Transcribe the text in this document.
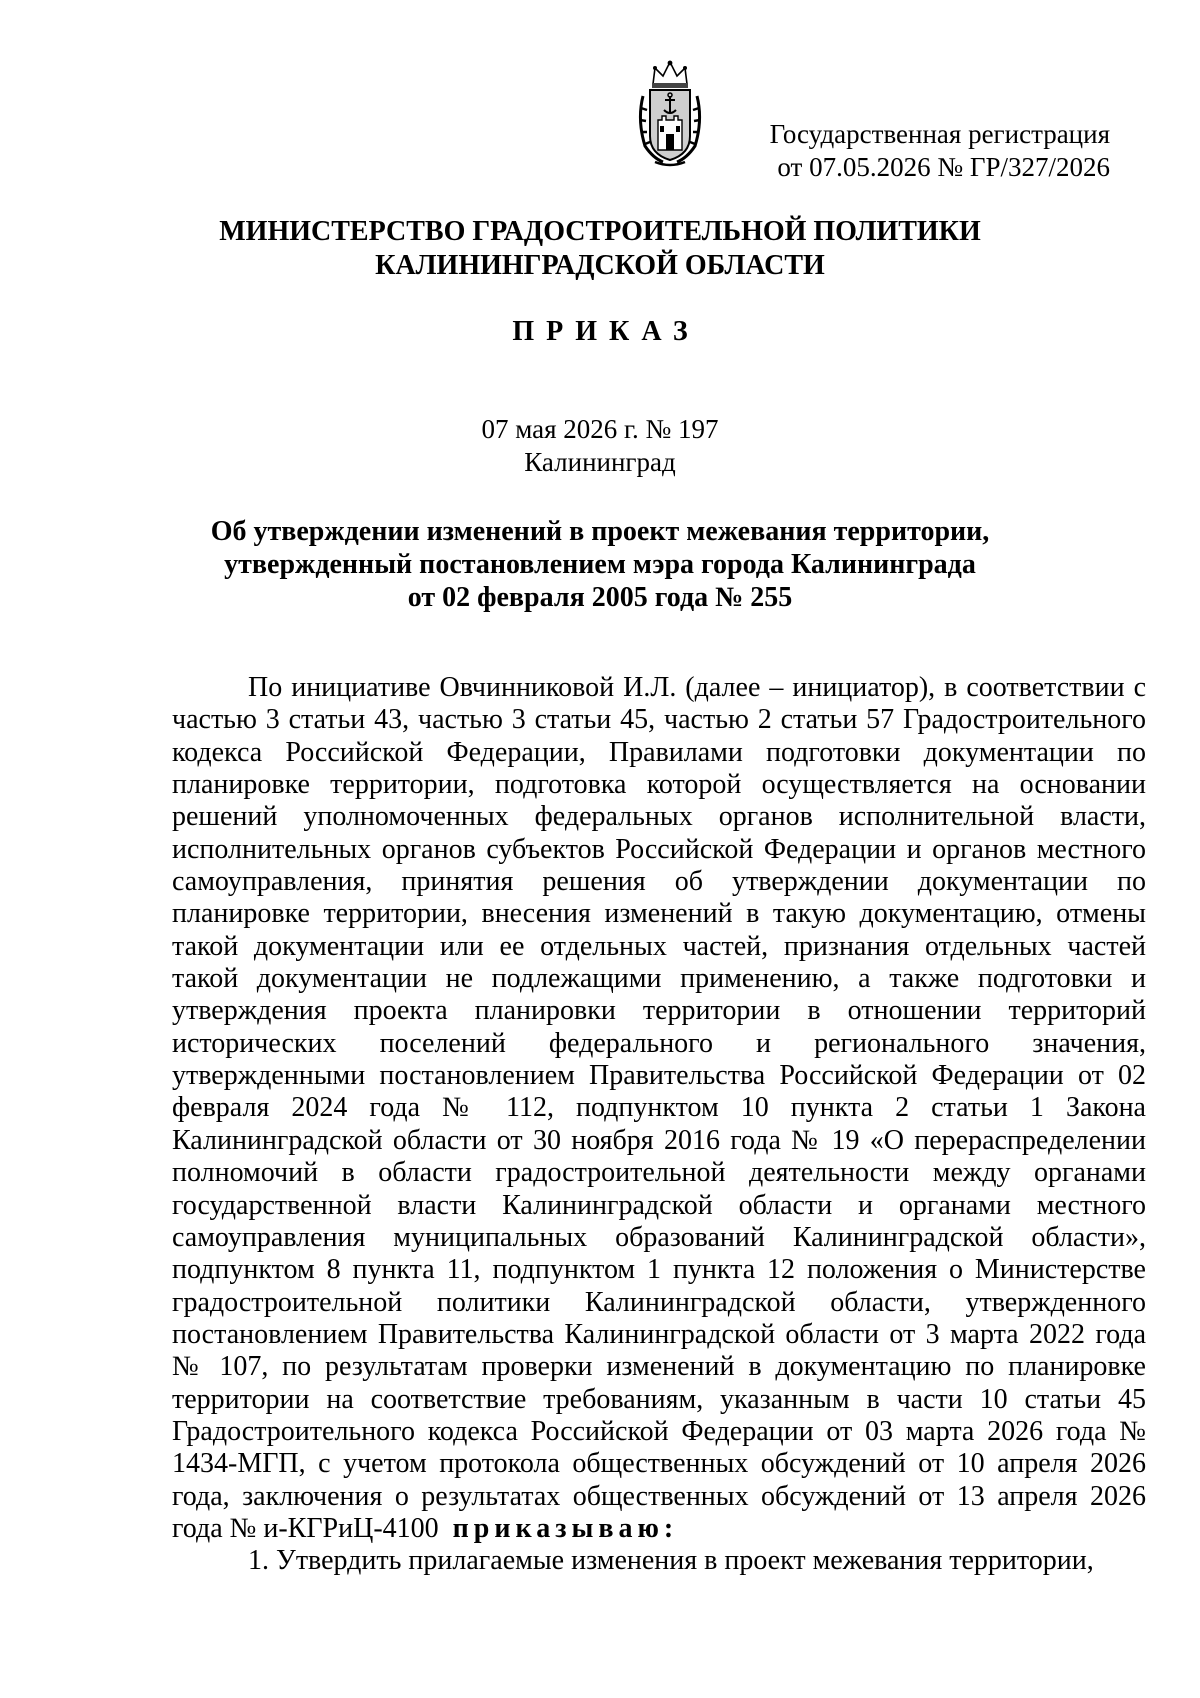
Государственная регистрация
от 07.05.2026 № ГР/327/2026
МИНИСТЕРСТВО ГРАДОСТРОИТЕЛЬНОЙ ПОЛИТИКИ
КАЛИНИНГРАДСКОЙ ОБЛАСТИ
ПРИКАЗ
07 мая 2026 г. № 197
Калининград
Об утверждении изменений в проект межевания территории,
утвержденный постановлением мэра города Калининграда
от 02 февраля 2005 года № 255

По инициативе Овчинниковой И.Л. (далее – инициатор), в соответствии с частью 3 статьи 43, частью 3 статьи 45, частью 2 статьи 57 Градостроительного кодекса Российской Федерации, Правилами подготовки документации по планировке территории, подготовка которой осуществляется на основании решений уполномоченных федеральных органов исполнительной власти, исполнительных органов субъектов Российской Федерации и органов местного самоуправления, принятия решения об утверждении документации по планировке территории, внесения изменений в такую документацию, отмены такой документации или ее отдельных частей, признания отдельных частей такой документации не подлежащими применению, а также подготовки и утверждения проекта планировки территории в отношении территорий исторических поселений федерального и регионального значения, утвержденными постановлением Правительства Российской Федерации от 02 февраля 2024 года № 112, подпунктом 10 пункта 2 статьи 1 Закона Калининградской области от 30 ноября 2016 года № 19 «О перераспределении полномочий в области градостроительной деятельности между органами государственной власти Калининградской области и органами местного самоуправления муниципальных образований Калининградской области», подпунктом 8 пункта 11, подпунктом 1 пункта 12 положения о Министерстве градостроительной политики Калининградской области, утвержденного постановлением Правительства Калининградской области от 3 марта 2022 года № 107, по результатам проверки изменений в документацию по планировке территории на соответствие требованиям, указанным в части 10 статьи 45 Градостроительного кодекса Российской Федерации от 03 марта 2026 года № 1434-МГП, с учетом протокола общественных обсуждений от 10 апреля 2026 года, заключения о результатах общественных обсуждений от 13 апреля 2026 года № и-КГРиЦ-4100 приказываю:

1. Утвердить прилагаемые изменения в проект межевания территории,
